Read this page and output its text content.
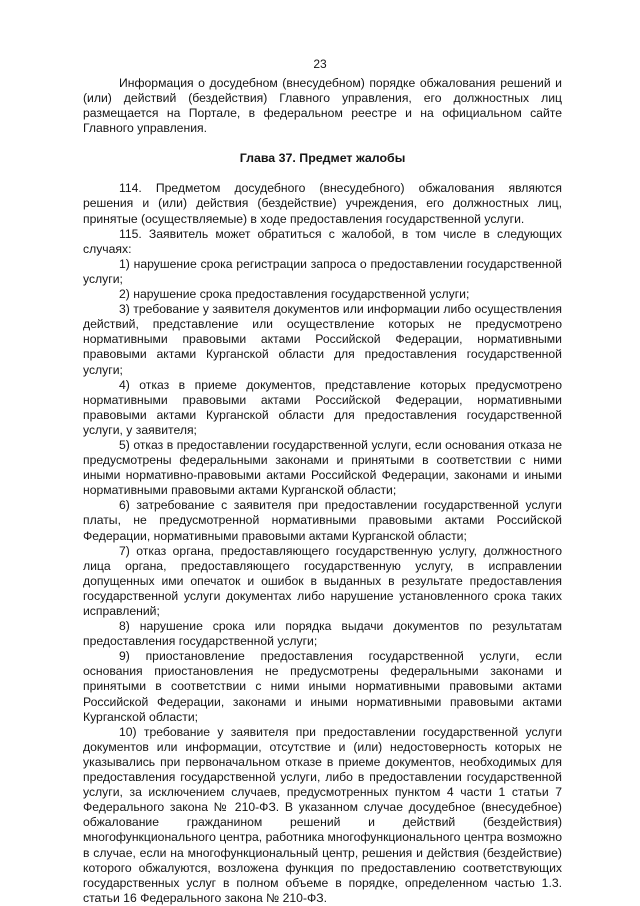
23

Информация о досудебном (внесудебном) порядке обжалования решений и (или) действий (бездействия) Главного управления, его должностных лиц размещается на Портале, в федеральном реестре и на официальном сайте Главного управления.

Глава 37. Предмет жалобы

114. Предметом досудебного (внесудебного) обжалования являются решения и (или) действия (бездействие) учреждения, его должностных лиц, принятые (осуществляемые) в ходе предоставления государственной услуги.

115. Заявитель может обратиться с жалобой, в том числе в следующих случаях:

1) нарушение срока регистрации запроса о предоставлении государственной услуги;

2) нарушение срока предоставления государственной услуги;

3) требование у заявителя документов или информации либо осуществления действий, представление или осуществление которых не предусмотрено нормативными правовыми актами Российской Федерации, нормативными правовыми актами Курганской области для предоставления государственной услуги;

4) отказ в приеме документов, представление которых предусмотрено нормативными правовыми актами Российской Федерации, нормативными правовыми актами Курганской области для предоставления государственной услуги, у заявителя;

5) отказ в предоставлении государственной услуги, если основания отказа не предусмотрены федеральными законами и принятыми в соответствии с ними иными нормативно-правовыми актами Российской Федерации, законами и иными нормативными правовыми актами Курганской области;

6) затребование с заявителя при предоставлении государственной услуги платы, не предусмотренной нормативными правовыми актами Российской Федерации, нормативными правовыми актами Курганской области;

7) отказ органа, предоставляющего государственную услугу, должностного лица органа, предоставляющего государственную услугу, в исправлении допущенных ими опечаток и ошибок в выданных в результате предоставления государственной услуги документах либо нарушение установленного срока таких исправлений;

8) нарушение срока или порядка выдачи документов по результатам предоставления государственной услуги;

9) приостановление предоставления государственной услуги, если основания приостановления не предусмотрены федеральными законами и принятыми в соответствии с ними иными нормативными правовыми актами Российской Федерации, законами и иными нормативными правовыми актами Курганской области;

10) требование у заявителя при предоставлении государственной услуги документов или информации, отсутствие и (или) недостоверность которых не указывались при первоначальном отказе в приеме документов, необходимых для предоставления государственной услуги, либо в предоставлении государственной услуги, за исключением случаев, предусмотренных пунктом 4 части 1 статьи 7 Федерального закона № 210-ФЗ. В указанном случае досудебное (внесудебное) обжалование гражданином решений и действий (бездействия) многофункционального центра, работника многофункционального центра возможно в случае, если на многофункциональный центр, решения и действия (бездействие) которого обжалуются, возложена функция по предоставлению соответствующих государственных услуг в полном объеме в порядке, определенном частью 1.3. статьи 16 Федерального закона № 210-ФЗ.
